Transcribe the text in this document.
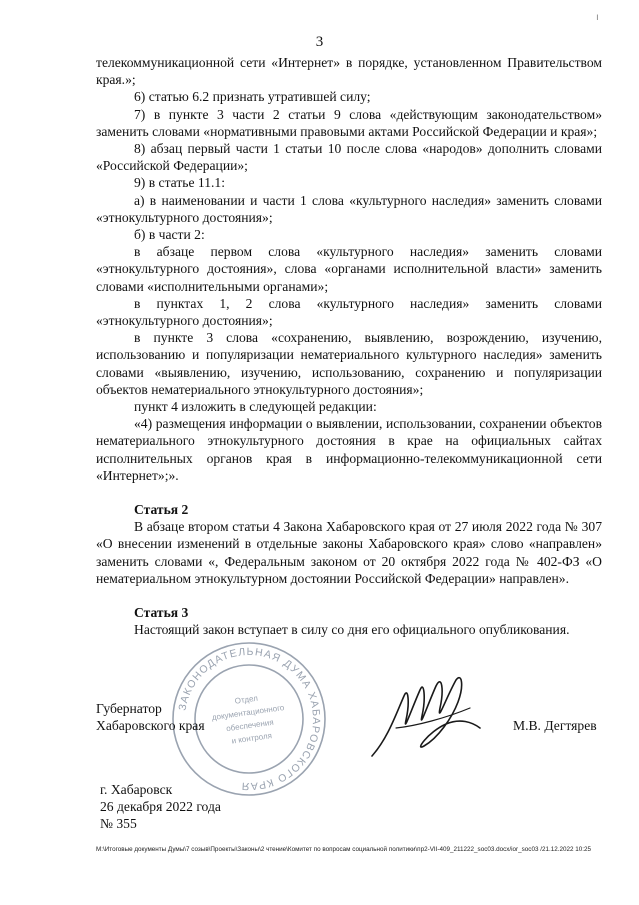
ı
3

телекоммуникационной сети «Интернет» в порядке, установленном Правительством края.»;

6) статью 6.2 признать утратившей силу;

7) в пункте 3 части 2 статьи 9 слова «действующим законодательством» заменить словами «нормативными правовыми актами Российской Федерации и края»;

8) абзац первый части 1 статьи 10 после слова «народов» дополнить словами «Российской Федерации»;

9) в статье 11.1:

а) в наименовании и части 1 слова «культурного наследия» заменить словами «этнокультурного достояния»;

б) в части 2:

в абзаце первом слова «культурного наследия» заменить словами «этнокультурного достояния», слова «органами исполнительной власти» заменить словами «исполнительными органами»;

в пунктах 1, 2 слова «культурного наследия» заменить словами «этнокультурного достояния»;

в пункте 3 слова «сохранению, выявлению, возрождению, изучению, использованию и популяризации нематериального культурного наследия» заменить словами «выявлению, изучению, использованию, сохранению и популяризации объектов нематериального этнокультурного достояния»;

пункт 4 изложить в следующей редакции:

«4) размещения информации о выявлении, использовании, сохранении объектов нематериального этнокультурного достояния в крае на официальных сайтах исполнительных органов края в информационно-телекоммуникационной сети «Интернет»;».

Статья 2

В абзаце втором статьи 4 Закона Хабаровского края от 27 июля 2022 года № 307 «О внесении изменений в отдельные законы Хабаровского края» слово «направлен» заменить словами «, Федеральным законом от 20 октября 2022 года № 402-ФЗ «О нематериальном этнокультурном достоянии Российской Федерации» направлен».

Статья 3

Настоящий закон вступает в силу со дня его официального опубликования.

ЗАКОНОДАТЕЛЬНАЯ ДУМА ХАБАРОВСКОГО КРАЯ
Отдел
документационного
обеспечения
и контроля
Губернатор
Хабаровского края	М.В. Дегтярев
г. Хабаровск
26 декабря 2022 года
№ 355
M:\Итоговые документы Думы\7 созыв\Проекты\Законы\2 чтение\Комитет по вопросам социальной политики\пр2-VII-409_211222_soc03.docx/ior_soc03 /21.12.2022 10:25
